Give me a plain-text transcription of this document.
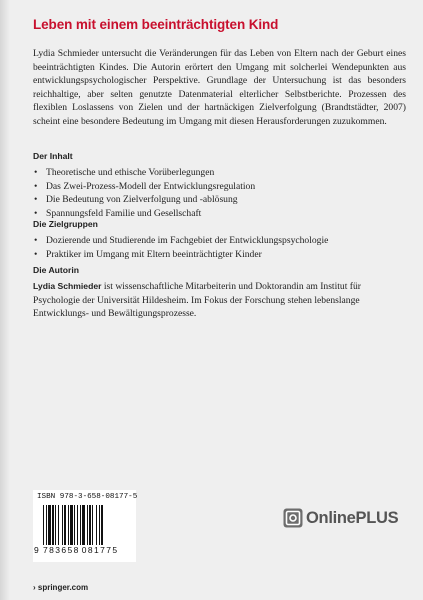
Leben mit einem beeinträchtigten Kind
Lydia Schmieder untersucht die Veränderungen für das Leben von Eltern nach der Geburt eines beeinträchtigten Kindes. Die Autorin erörtert den Umgang mit solcherlei Wendepunkten aus entwicklungspsychologischer Perspektive. Grundlage der Untersuchung ist das besonders reichhaltige, aber selten genutzte Datenmaterial elterlicher Selbstberichte. Prozessen des flexiblen Loslassens von Zielen und der hartnäckigen Zielverfolgung (Brandtstädter, 2007) scheint eine besondere Bedeutung im Umgang mit diesen Herausforderungen zuzukommen.
Der Inhalt
• Theoretische und ethische Vorüberlegungen
• Das Zwei-Prozess-Modell der Entwicklungsregulation
• Die Bedeutung von Zielverfolgung und -ablösung
• Spannungsfeld Familie und Gesellschaft
Die Zielgruppen
• Dozierende und Studierende im Fachgebiet der Entwicklungspsychologie
• Praktiker im Umgang mit Eltern beeinträchtigter Kinder
Die Autorin
Lydia Schmieder ist wissenschaftliche Mitarbeiterin und Doktorandin am Institut für Psychologie der Universität Hildesheim. Im Fokus der Forschung stehen lebenslange Entwicklungs- und Bewältigungsprozesse.
ISBN 978-3-658-08177-5
9 783658 081775
OnlinePLUS
› springer.com
